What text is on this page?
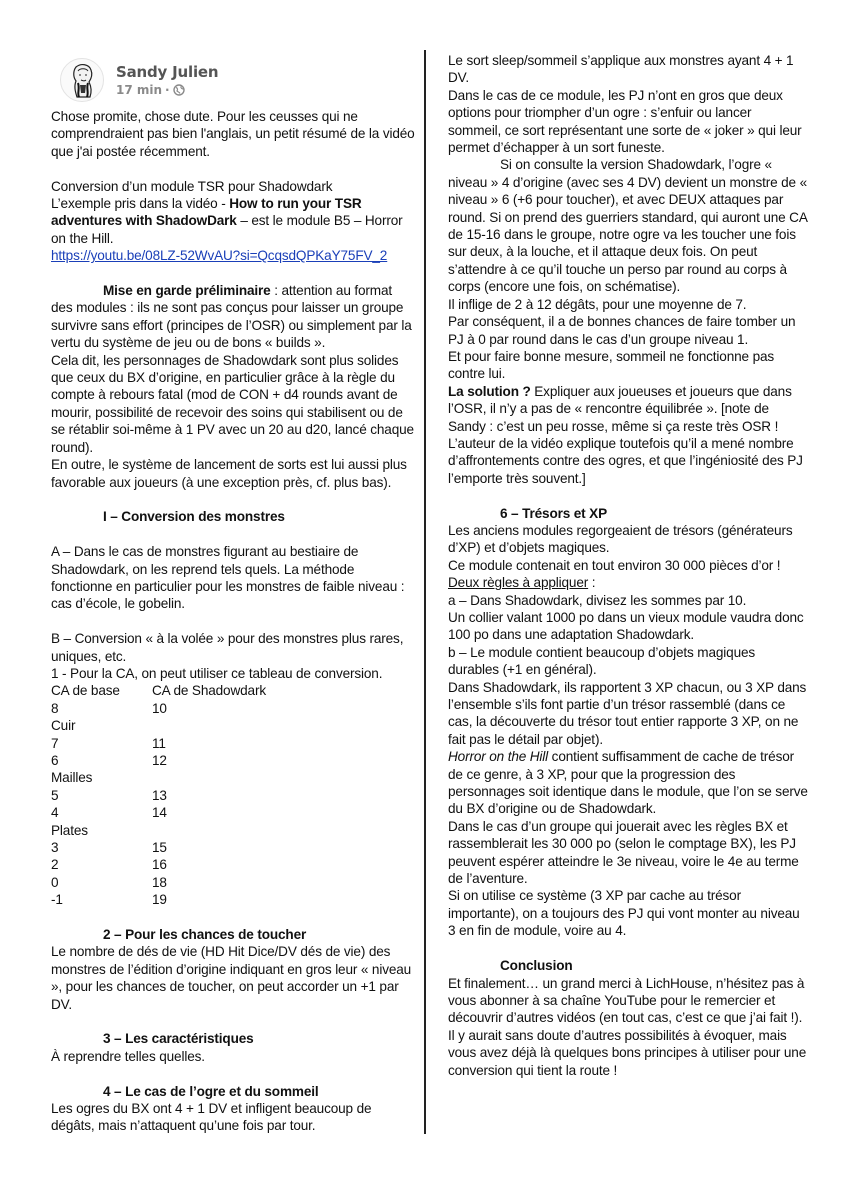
Sandy Julien
17 min ·

Chose promite, chose dute. Pour les ceusses qui ne comprendraient pas bien l'anglais, un petit résumé de la vidéo que j'ai postée récemment.

Conversion d’un module TSR pour Shadowdark

L’exemple pris dans la vidéo - How to run your TSR adventures with ShadowDark – est le module B5 – Horror on the Hill.

https://youtu.be/08LZ-52WvAU?si=QcqsdQPKaY75FV_2

Mise en garde préliminaire : attention au format des modules : ils ne sont pas conçus pour laisser un groupe survivre sans effort (principes de l’OSR) ou simplement par la vertu du système de jeu ou de bons « builds ».

Cela dit, les personnages de Shadowdark sont plus solides que ceux du BX d’origine, en particulier grâce à la règle du compte à rebours fatal (mod de CON + d4 rounds avant de mourir, possibilité de recevoir des soins qui stabilisent ou de se rétablir soi-même à 1 PV avec un 20 au d20, lancé chaque round).

En outre, le système de lancement de sorts est lui aussi plus favorable aux joueurs (à une exception près, cf. plus bas).

I – Conversion des monstres

A – Dans le cas de monstres figurant au bestiaire de Shadowdark, on les reprend tels quels. La méthode fonctionne en particulier pour les monstres de faible niveau : cas d’école, le gobelin.

B – Conversion « à la volée » pour des monstres plus rares, uniques, etc.

1 - Pour la CA, on peut utiliser ce tableau de conversion.

CA de base	CA de Shadowdark
8	10
Cuir	
7	11
6	12
Mailles	
5	13
4	14
Plates	
3	15
2	16
0	18
-1	19

2 – Pour les chances de toucher

Le nombre de dés de vie (HD Hit Dice/DV dés de vie) des monstres de l’édition d’origine indiquant en gros leur « niveau », pour les chances de toucher, on peut accorder un +1 par DV.

3 – Les caractéristiques

À reprendre telles quelles.

4 – Le cas de l’ogre et du sommeil

Les ogres du BX ont 4 + 1 DV et infligent beaucoup de dégâts, mais n’attaquent qu’une fois par tour.

Le sort sleep/sommeil s’applique aux monstres ayant 4 + 1 DV.

Dans le cas de ce module, les PJ n’ont en gros que deux options pour triompher d’un ogre : s’enfuir ou lancer sommeil, ce sort représentant une sorte de « joker » qui leur permet d’échapper à un sort funeste.

Si on consulte la version Shadowdark, l’ogre « niveau » 4 d’origine (avec ses 4 DV) devient un monstre de « niveau » 6 (+6 pour toucher), et avec DEUX attaques par round. Si on prend des guerriers standard, qui auront une CA de 15-16 dans le groupe, notre ogre va les toucher une fois sur deux, à la louche, et il attaque deux fois. On peut s’attendre à ce qu’il touche un perso par round au corps à corps (encore une fois, on schématise).

Il inflige de 2 à 12 dégâts, pour une moyenne de 7.

Par conséquent, il a de bonnes chances de faire tomber un PJ à 0 par round dans le cas d’un groupe niveau 1.

Et pour faire bonne mesure, sommeil ne fonctionne pas contre lui.

La solution ? Expliquer aux joueuses et joueurs que dans l’OSR, il n’y a pas de « rencontre équilibrée ». [note de Sandy : c’est un peu rosse, même si ça reste très OSR ! L’auteur de la vidéo explique toutefois qu’il a mené nombre d’affrontements contre des ogres, et que l’ingéniosité des PJ l’emporte très souvent.]

6 – Trésors et XP

Les anciens modules regorgeaient de trésors (générateurs d’XP) et d’objets magiques.

Ce module contenait en tout environ 30 000 pièces d’or !

Deux règles à appliquer :

a – Dans Shadowdark, divisez les sommes par 10.

Un collier valant 1000 po dans un vieux module vaudra donc 100 po dans une adaptation Shadowdark.

b – Le module contient beaucoup d’objets magiques durables (+1 en général).

Dans Shadowdark, ils rapportent 3 XP chacun, ou 3 XP dans l’ensemble s’ils font partie d’un trésor rassemblé (dans ce cas, la découverte du trésor tout entier rapporte 3 XP, on ne fait pas le détail par objet).

Horror on the Hill contient suffisamment de cache de trésor de ce genre, à 3 XP, pour que la progression des personnages soit identique dans le module, que l’on se serve du BX d’origine ou de Shadowdark.

Dans le cas d’un groupe qui jouerait avec les règles BX et rassemblerait les 30 000 po (selon le comptage BX), les PJ peuvent espérer atteindre le 3e niveau, voire le 4e au terme de l’aventure.

Si on utilise ce système (3 XP par cache au trésor importante), on a toujours des PJ qui vont monter au niveau 3 en fin de module, voire au 4.

Conclusion

Et finalement… un grand merci à LichHouse, n’hésitez pas à vous abonner à sa chaîne YouTube pour le remercier et découvrir d’autres vidéos (en tout cas, c’est ce que j’ai fait !).

Il y aurait sans doute d’autres possibilités à évoquer, mais vous avez déjà là quelques bons principes à utiliser pour une conversion qui tient la route !
